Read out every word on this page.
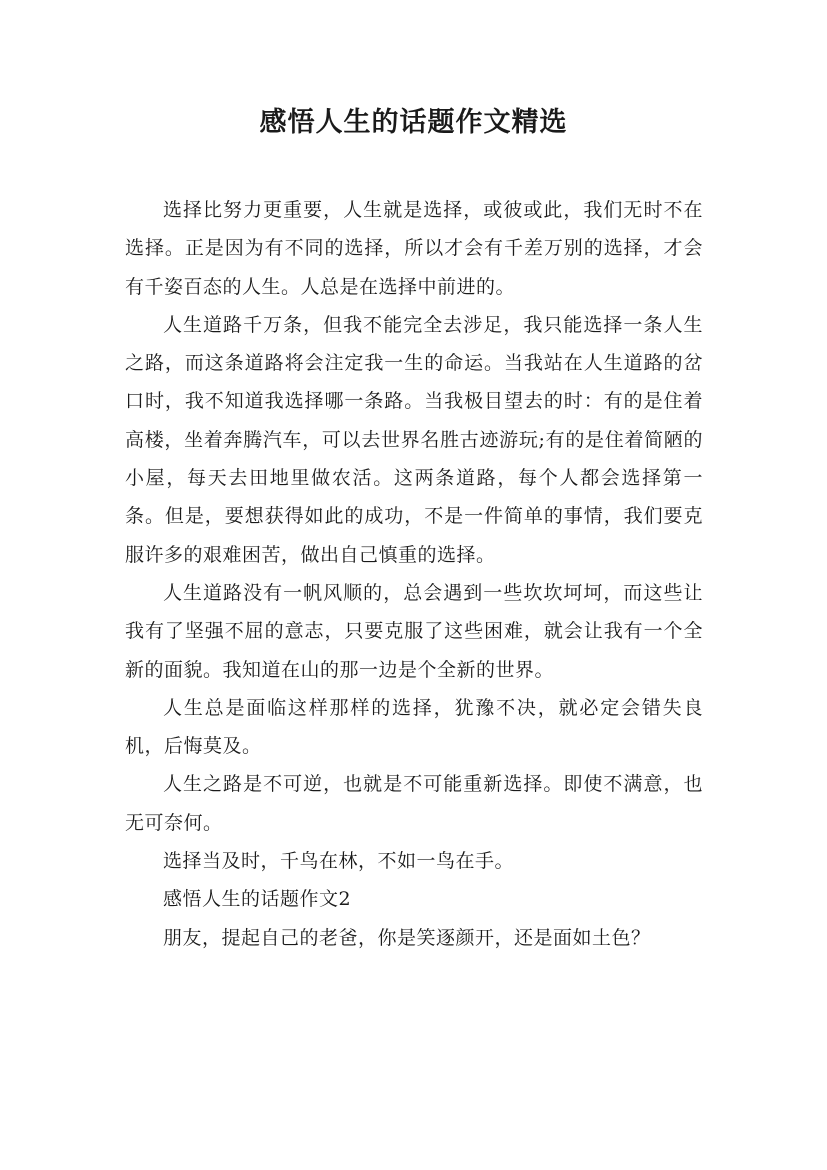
感悟人生的话题作文精选

选择比努力更重要，人生就是选择，或彼或此，我们无时不在选择。正是因为有不同的选择，所以才会有千差万别的选择，才会有千姿百态的人生。人总是在选择中前进的。

人生道路千万条，但我不能完全去涉足，我只能选择一条人生之路，而这条道路将会注定我一生的命运。当我站在人生道路的岔口时，我不知道我选择哪一条路。当我极目望去的时：有的是住着高楼，坐着奔腾汽车，可以去世界名胜古迹游玩;有的是住着简陋的小屋，每天去田地里做农活。这两条道路，每个人都会选择第一条。但是，要想获得如此的成功，不是一件简单的事情，我们要克服许多的艰难困苦，做出自己慎重的选择。

人生道路没有一帆风顺的，总会遇到一些坎坎坷坷，而这些让我有了坚强不屈的意志，只要克服了这些困难，就会让我有一个全新的面貌。我知道在山的那一边是个全新的世界。

人生总是面临这样那样的选择，犹豫不决，就必定会错失良机，后悔莫及。

人生之路是不可逆，也就是不可能重新选择。即使不满意，也无可奈何。

选择当及时，千鸟在林，不如一鸟在手。

感悟人生的话题作文2

朋友，提起自己的老爸，你是笑逐颜开，还是面如土色？
